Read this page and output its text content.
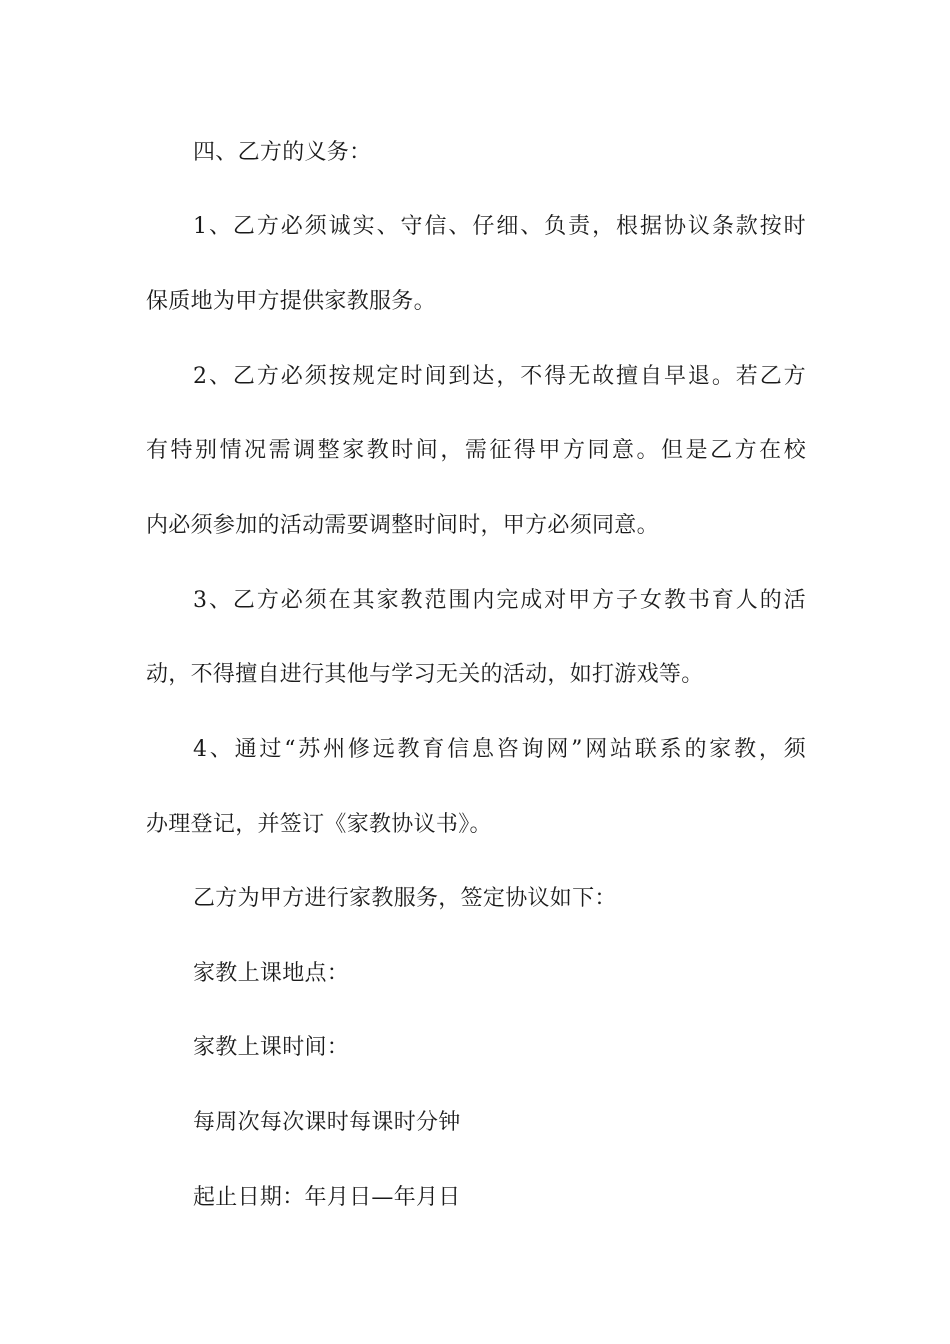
四、乙方的义务：
1、乙方必须诚实、守信、仔细、负责，根据协议条款按时
保质地为甲方提供家教服务。
2、乙方必须按规定时间到达，不得无故擅自早退。若乙方
有特别情况需调整家教时间，需征得甲方同意。但是乙方在校
内必须参加的活动需要调整时间时，甲方必须同意。
3、乙方必须在其家教范围内完成对甲方子女教书育人的活
动，不得擅自进行其他与学习无关的活动，如打游戏等。
4、通过“苏州修远教育信息咨询网”网站联系的家教，须
办理登记，并签订《家教协议书》。
乙方为甲方进行家教服务，签定协议如下：
家教上课地点：
家教上课时间：
每周次每次课时每课时分钟
起止日期：年月日—年月日
